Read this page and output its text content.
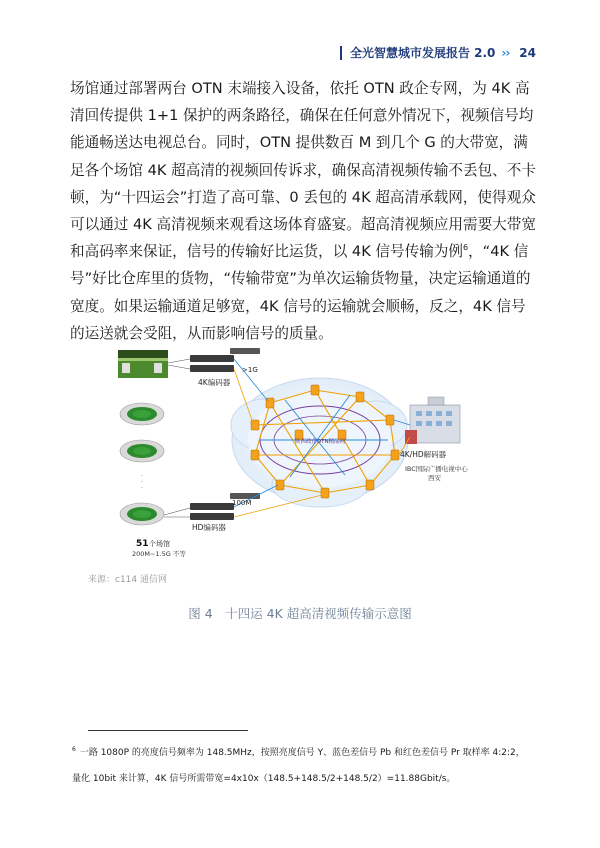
全光智慧城市发展报告 2.0 ›› 24

场馆通过部署两台 OTN 末端接入设备，依托 OTN 政企专网，为 4K 高清回传提供 1+1 保护的两条路径，确保在任何意外情况下，视频信号均能通畅送达电视总台。同时，OTN 提供数百 M 到几个 G 的大带宽，满足各个场馆 4K 超高清的视频回传诉求，确保高清视频传输不丢包、不卡顿，为“十四运会”打造了高可靠、0 丢包的 4K 超高清承载网，使得观众可以通过 4K 高清视频来观看这场体育盛宴。超高清视频应用需要大带宽和高码率来保证，信号的传输好比运货，以 4K 信号传输为例$^6$，“4K 信号”好比仓库里的货物，“传输带宽”为单次运输货物量，决定运输通道的宽度。如果运输通道足够宽，4K 信号的运输就会顺畅，反之，4K 信号的运送就会受阻，从而影响信号的质量。

陕西政企OTN精品网
·
·
·
>1G
4K编码器
100M
HD编码器
4K/HD解码器
IBC国际广播电视中心
西安
51 个场馆
200M~1.5G 不等
来源：c114 通信网
图 4　十四运 4K 超高清视频传输示意图
$^6$ 一路 1080P 的亮度信号频率为 148.5MHz，按照亮度信号 Y、蓝色差信号 Pb 和红色差信号 Pr 取样率 4:2:2，
量化 10bit 来计算，4K 信号所需带宽=4x10x（148.5+148.5/2+148.5/2）=11.88Gbit/s。
